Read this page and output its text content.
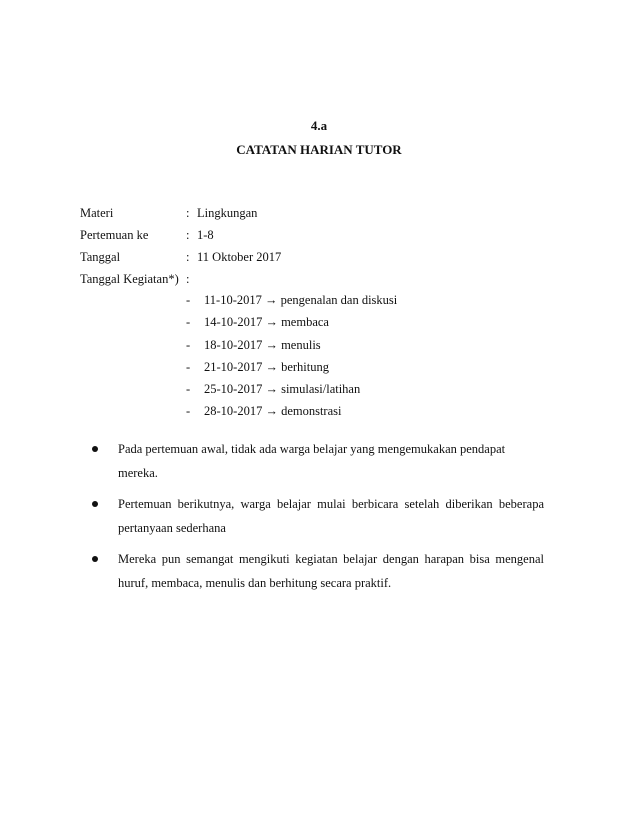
4.a
CATATAN HARIAN TUTOR
Materi	: Lingkungan
Pertemuan ke	: 1-8
Tanggal	: 11 Oktober 2017
Tanggal Kegiatan*) :
- 11-10-2017 → pengenalan dan diskusi
- 14-10-2017 → membaca
- 18-10-2017 → menulis
- 21-10-2017 → berhitung
- 25-10-2017 → simulasi/latihan
- 28-10-2017 → demonstrasi
Pada pertemuan awal, tidak ada warga belajar yang mengemukakan pendapat mereka.
Pertemuan berikutnya, warga belajar mulai berbicara setelah diberikan beberapa pertanyaan sederhana
Mereka pun semangat mengikuti kegiatan belajar dengan harapan bisa mengenal huruf, membaca, menulis dan berhitung secara praktif.
